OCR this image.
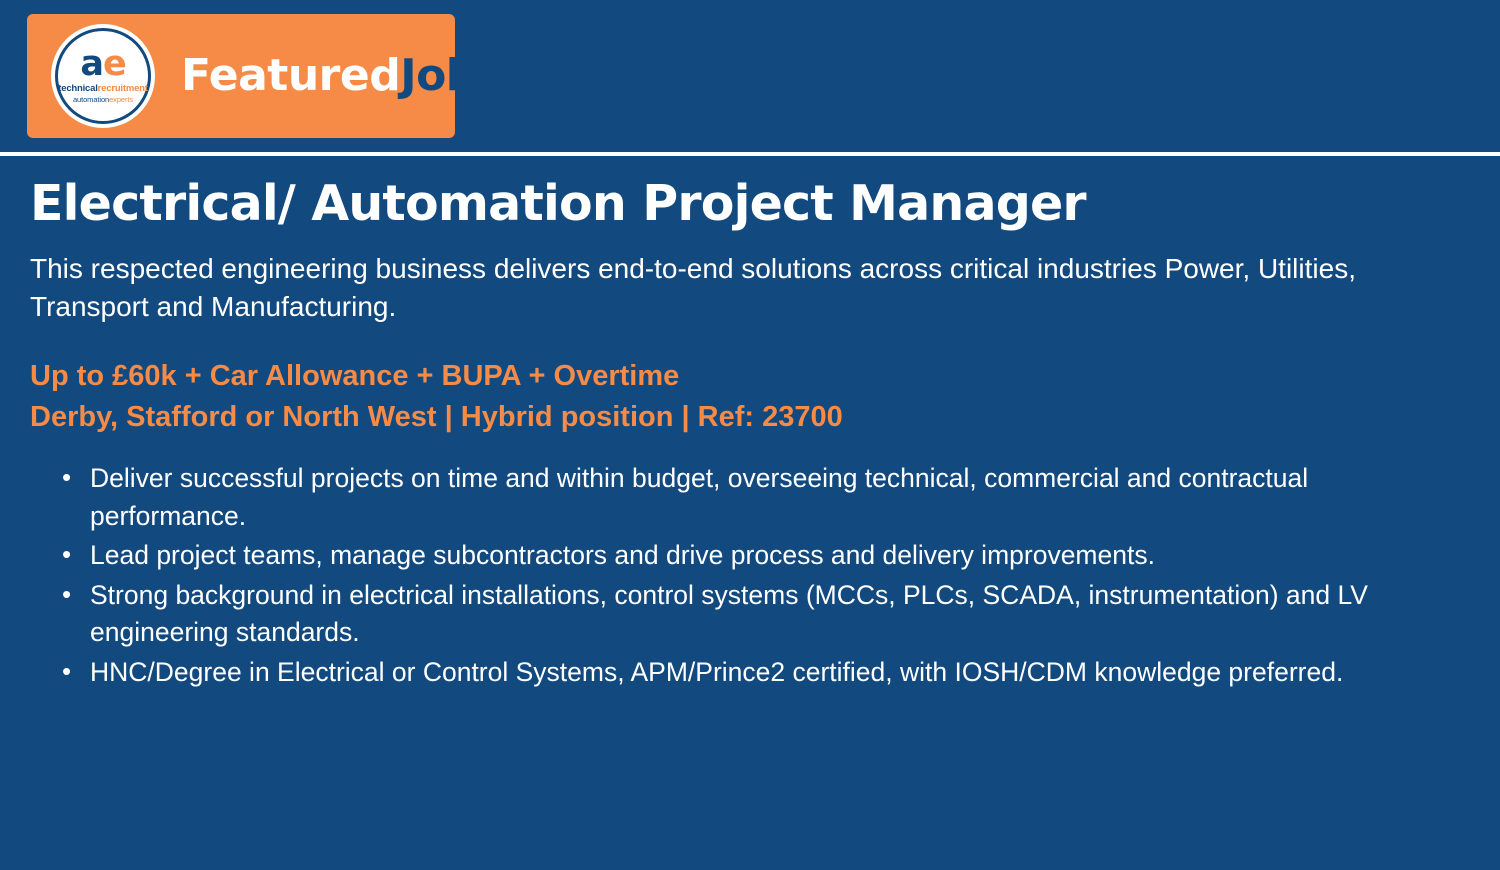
ae
technicalrecruitment
automationexperts FeaturedJob
Electrical/ Automation Project Manager

This respected engineering business delivers end-to-end solutions across critical industries Power, Utilities, Transport and Manufacturing.

Up to £60k + Car Allowance + BUPA + Overtime
Derby, Stafford or North West | Hybrid position | Ref: 23700
• Deliver successful projects on time and within budget, overseeing technical, commercial and contractual performance.
• Lead project teams, manage subcontractors and drive process and delivery improvements.
• Strong background in electrical installations, control systems (MCCs, PLCs, SCADA, instrumentation) and LV engineering standards.
• HNC/Degree in Electrical or Control Systems, APM/Prince2 certified, with IOSH/CDM knowledge preferred.
